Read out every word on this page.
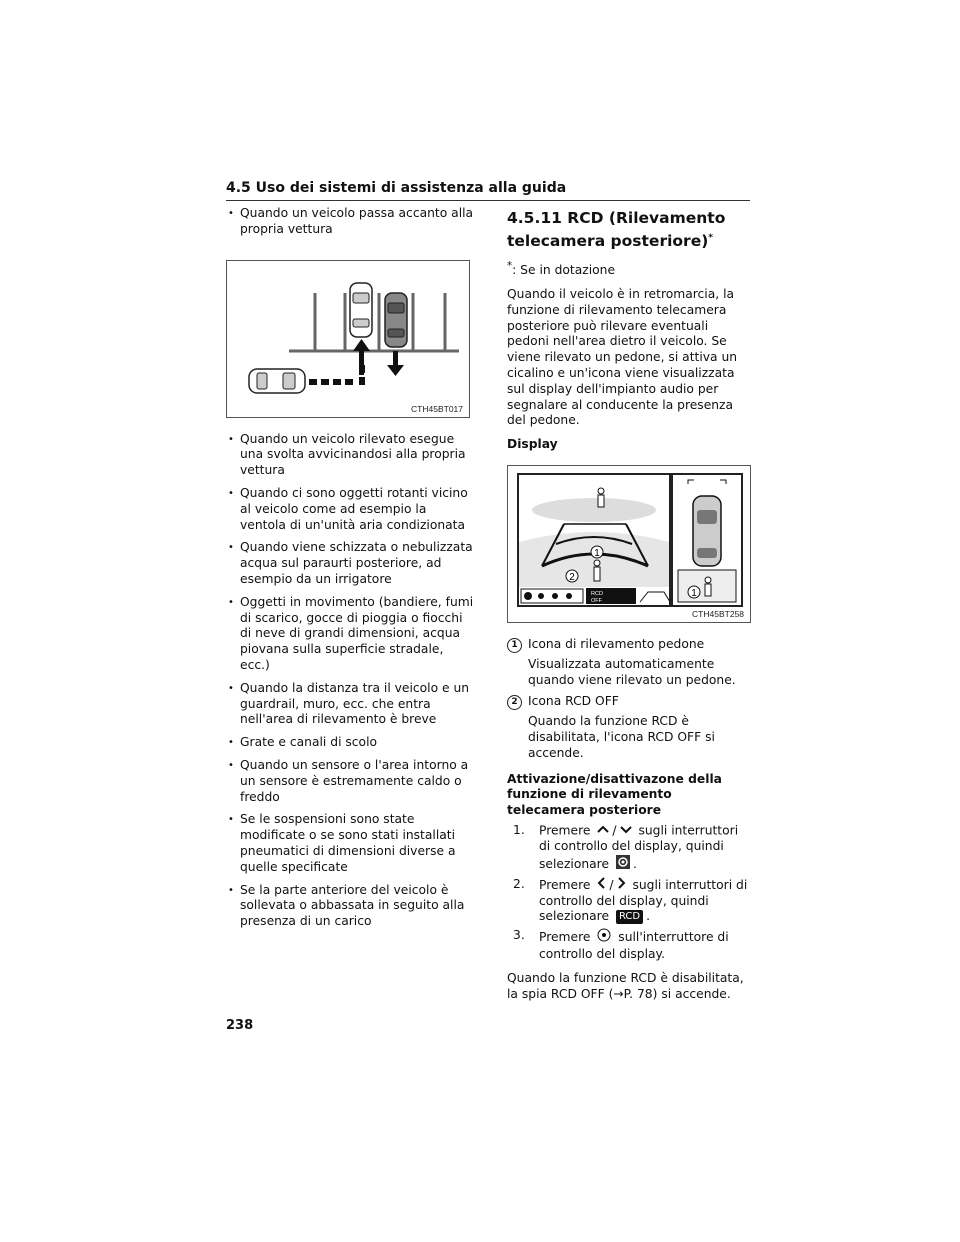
4.5 Uso dei sistemi di assistenza alla guida
• Quando un veicolo passa accanto alla propria vettura
CTH45BT017
• Quando un veicolo rilevato esegue una svolta avvicinandosi alla propria vettura
• Quando ci sono oggetti rotanti vicino al veicolo come ad esempio la ventola di un'unità aria condizionata
• Quando viene schizzata o nebulizzata acqua sul paraurti posteriore, ad esempio da un irrigatore
• Oggetti in movimento (bandiere, fumi di scarico, gocce di pioggia o fiocchi di neve di grandi dimensioni, acqua piovana sulla superficie stradale, ecc.)
• Quando la distanza tra il veicolo e un guardrail, muro, ecc. che entra nell'area di rilevamento è breve
• Grate e canali di scolo
• Quando un sensore o l'area intorno a un sensore è estremamente caldo o freddo
• Se le sospensioni sono state modificate o se sono stati installati pneumatici di dimensioni diverse a quelle specificate
• Se la parte anteriore del veicolo è sollevata o abbassata in seguito alla presenza di un carico
4.5.11 RCD (Rilevamento telecamera posteriore)*
*: Se in dotazione
Quando il veicolo è in retromarcia, la funzione di rilevamento telecamera posteriore può rilevare eventuali pedoni nell'area dietro il veicolo. Se viene rilevato un pedone, si attiva un cicalino e un'icona viene visualizzata sul display dell'impianto audio per segnalare al conducente la presenza del pedone.
Display
1
2
RCD
OFF
1
CTH45BT258
1 Icona di rilevamento pedone
Visualizzata automaticamente quando viene rilevato un pedone.
2 Icona RCD OFF
Quando la funzione RCD è disabilitata, l'icona RCD OFF si accende.
Attivazione/disattivazone della funzione di rilevamento telecamera posteriore
1. Premere / sugli interruttori di controllo del display, quindi selezionare .
2. Premere / sugli interruttori di controllo del display, quindi selezionare RCD .
3. Premere sull'interruttore di controllo del display.
Quando la funzione RCD è disabilitata, la spia RCD OFF (→P. 78) si accende.
238
